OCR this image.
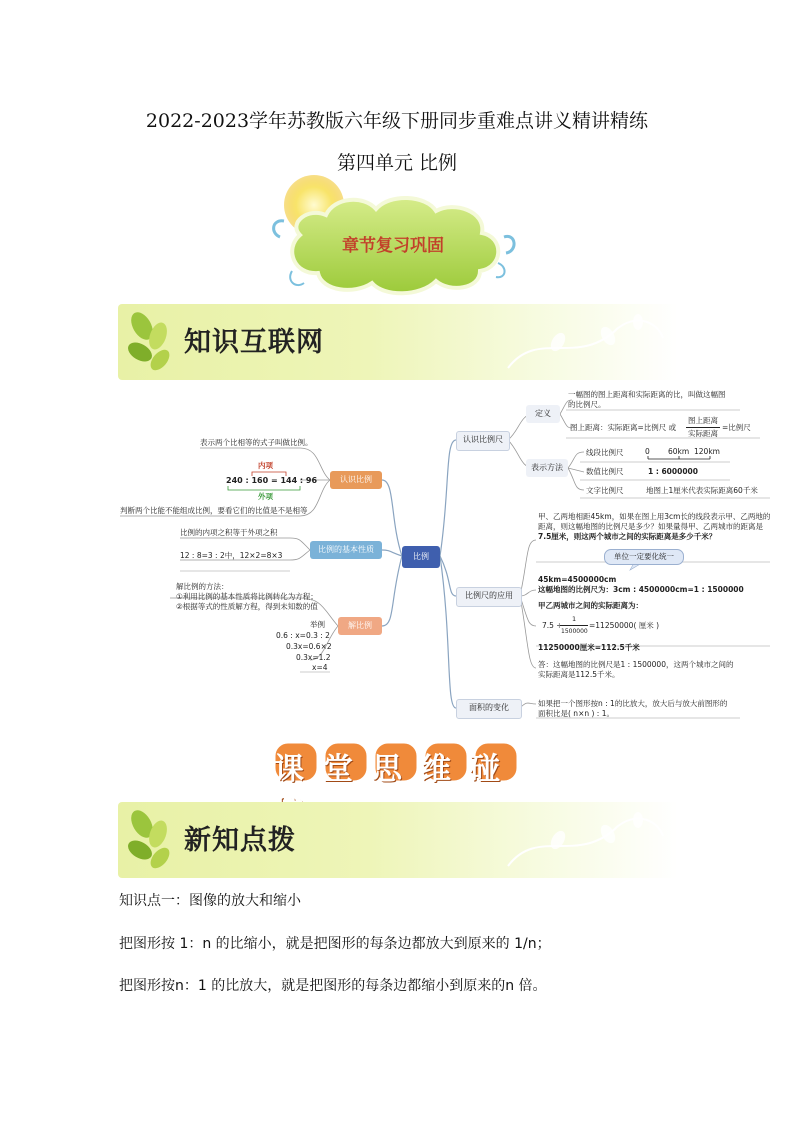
2022-2023学年苏教版六年级下册同步重难点讲义精讲精练
第四单元 比例
章节复习巩固
知识互联网
比例
认识比例
比例的基本性质
解比例
表示两个比相等的式子叫做比例。
内项
240 : 160 = 144 : 96
外项
判断两个比能不能组成比例，要看它们的比值是不是相等
比例的内项之积等于外项之积
12 : 8=3 : 2中，12×2=8×3
解比例的方法：
①利用比例的基本性质将比例转化为方程；
②根据等式的性质解方程，得到未知数的值
举例
0.6 : x=0.3 : 2
0.3x=0.6×2
0.3x=1.2
x=4
认识比例尺
比例尺的应用
面积的变化
定义
表示方法
一幅图的图上距离和实际距离的比，叫做这幅图
的比例尺。
图上距离：实际距离=比例尺 或
图上距离
实际距离
=比例尺
线段比例尺	0 60km 120km
数值比例尺	1 : 6000000
文字比例尺	地图上1厘米代表实际距离60千米
甲、乙两地相距45km，如果在图上用3cm长的线段表示甲、乙两地的
距离，则这幅地图的比例尺是多少？如果量得甲、乙两城市的距离是
7.5厘米，则这两个城市之间的实际距离是多少千米？
单位一定要化统一
45km=4500000cm
这幅地图的比例尺为：3cm : 4500000cm=1 : 1500000
甲乙两城市之间的实际距离为：
7.5 ÷
1
1500000
=11250000( 厘米 )
11250000厘米=112.5千米
答：这幅地图的比例尺是1 : 1500000，这两个城市之间的
实际距离是112.5千米。
如果把一个图形按n : 1的比放大，放大后与放大前图形的
面积比是( n×n ) : 1。
课堂思维碰
新知点拨
知识点一：图像的放大和缩小
把图形按 1：n 的比缩小，就是把图形的每条边都放大到原来的 1/n；
把图形按n：1 的比放大，就是把图形的每条边都缩小到原来的n 倍。
